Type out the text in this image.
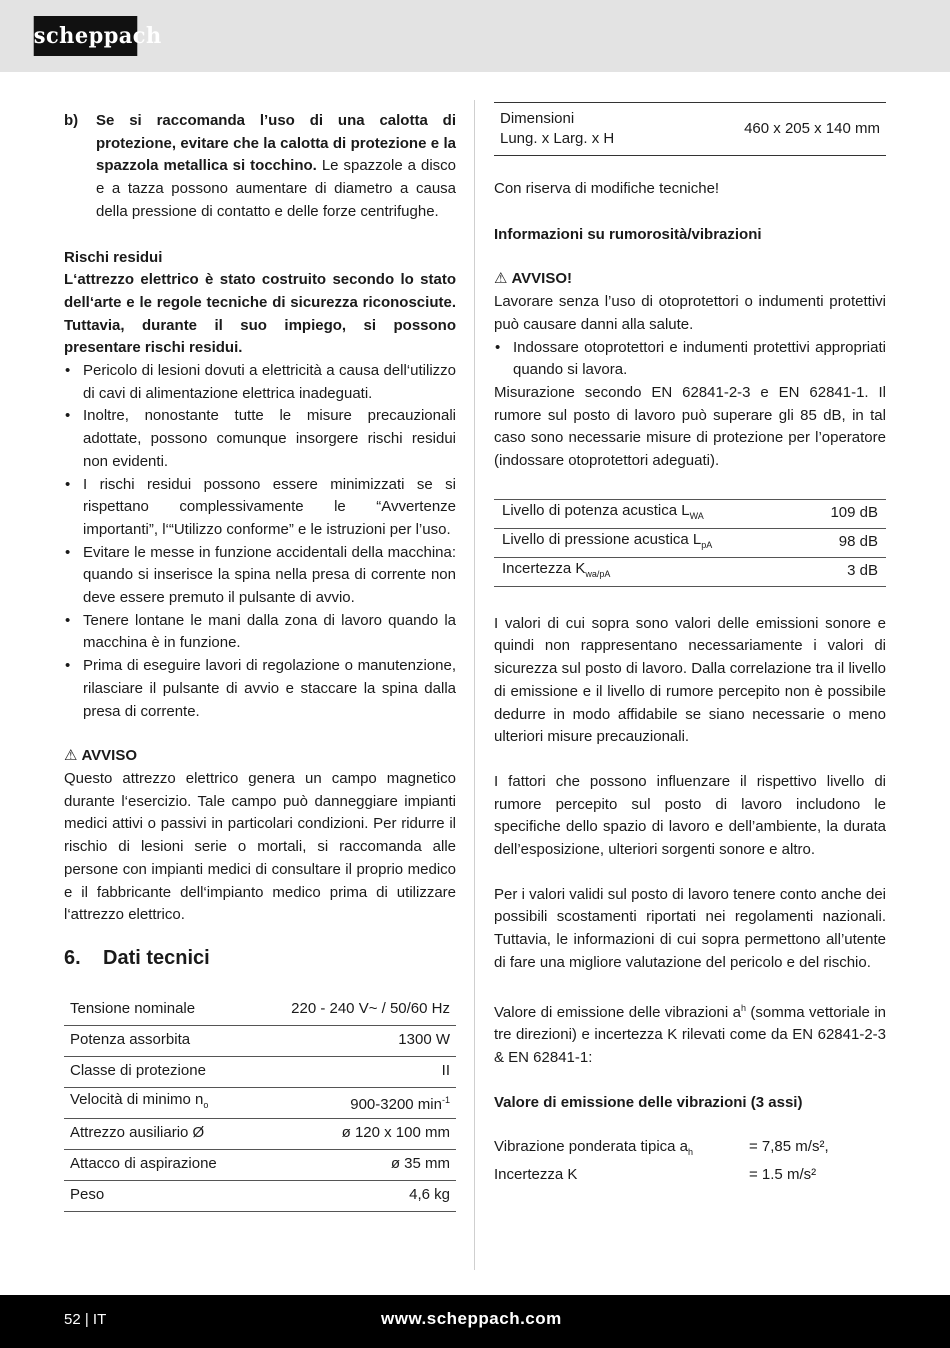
scheppach
b)	Se si raccomanda l’uso di una calotta di protezione, evitare che la calotta di protezione e la spazzola metallica si tocchino. Le spazzole a disco e a tazza possono aumentare di diametro a causa della pressione di contatto e delle forze centrifughe.

Rischi residui

L‘attrezzo elettrico è stato costruito secondo lo stato dell‘arte e le regole tecniche di sicurezza riconosciute. Tuttavia, durante il suo impiego, si possono presentare rischi residui.

• Pericolo di lesioni dovuti a elettricità a causa dell‘utilizzo di cavi di alimentazione elettrica inadeguati.
• Inoltre, nonostante tutte le misure precauzionali adottate, possono comunque insorgere rischi residui non evidenti.
• I rischi residui possono essere minimizzati se si rispettano complessivamente le “Avvertenze importanti”, l‘“Utilizzo conforme” e le istruzioni per l’uso.
• Evitare le messe in funzione accidentali della macchina: quando si inserisce la spina nella presa di corrente non deve essere premuto il pulsante di avvio.
• Tenere lontane le mani dalla zona di lavoro quando la macchina è in funzione.
• Prima di eseguire lavori di regolazione o manutenzione, rilasciare il pulsante di avvio e staccare la spina dalla presa di corrente.
⚠ AVVISO

Questo attrezzo elettrico genera un campo magnetico durante l‘esercizio. Tale campo può danneggiare impianti medici attivi o passivi in particolari condizioni. Per ridurre il rischio di lesioni serie o mortali, si raccomanda alle persone con impianti medici di consultare il proprio medico e il fabbricante dell‘impianto medico prima di utilizzare l‘attrezzo elettrico.

6.	Dati tecnici
Tensione nominale	220 - 240 V~ / 50/60 Hz
Potenza assorbita	1300 W
Classe di protezione	II
Velocità di minimo $n_o$	900-3200 $\min^{-1}$
Attrezzo ausiliario Ø	ø 120 x 100 mm
Attacco di aspirazione	ø 35 mm
Peso	4,6 kg
Dimensioni
Lung. x Larg. x H
	460 x 205 x 140 mm

Con riserva di modifiche tecniche!

Informazioni su rumorosità/vibrazioni

⚠ AVVISO!

Lavorare senza l’uso di otoprotettori o indumenti protettivi può causare danni alla salute.

• Indossare otoprotettori e indumenti protettivi appropriati quando si lavora.

Misurazione secondo EN 62841-2-3 e EN 62841-1. Il rumore sul posto di lavoro può superare gli 85 dB, in tal caso sono necessarie misure di protezione per l’operatore (indossare otoprotettori adeguati).

Livello di potenza acustica $L_{WA}$	109 dB
Livello di pressione acustica $L_{pA}$	98 dB
Incertezza $K_{wa/pA}$	3 dB

I valori di cui sopra sono valori delle emissioni sonore e quindi non rappresentano necessariamente i valori di sicurezza sul posto di lavoro. Dalla correlazione tra il livello di emissione e il livello di rumore percepito non è possibile dedurre in modo affidabile se siano necessarie o meno ulteriori misure precauzionali.

I fattori che possono influenzare il rispettivo livello di rumore percepito sul posto di lavoro includono le specifiche dello spazio di lavoro e dell’ambiente, la durata dell’esposizione, ulteriori sorgenti sonore e altro.

Per i valori validi sul posto di lavoro tenere conto anche dei possibili scostamenti riportati nei regolamenti nazionali. Tuttavia, le informazioni di cui sopra permettono all’utente di fare una migliore valutazione del pericolo e del rischio.

Valore di emissione delle vibrazioni $a^h$ (somma vettoriale in tre direzioni) e incertezza K rilevati come da EN 62841-2-3 & EN 62841-1:

Valore di emissione delle vibrazioni (3 assi)

Vibrazione ponderata tipica $a_h$	= 7,85 m/s²,
Incertezza K	= 1.5 m/s²
52 | IT	www.scheppach.com
